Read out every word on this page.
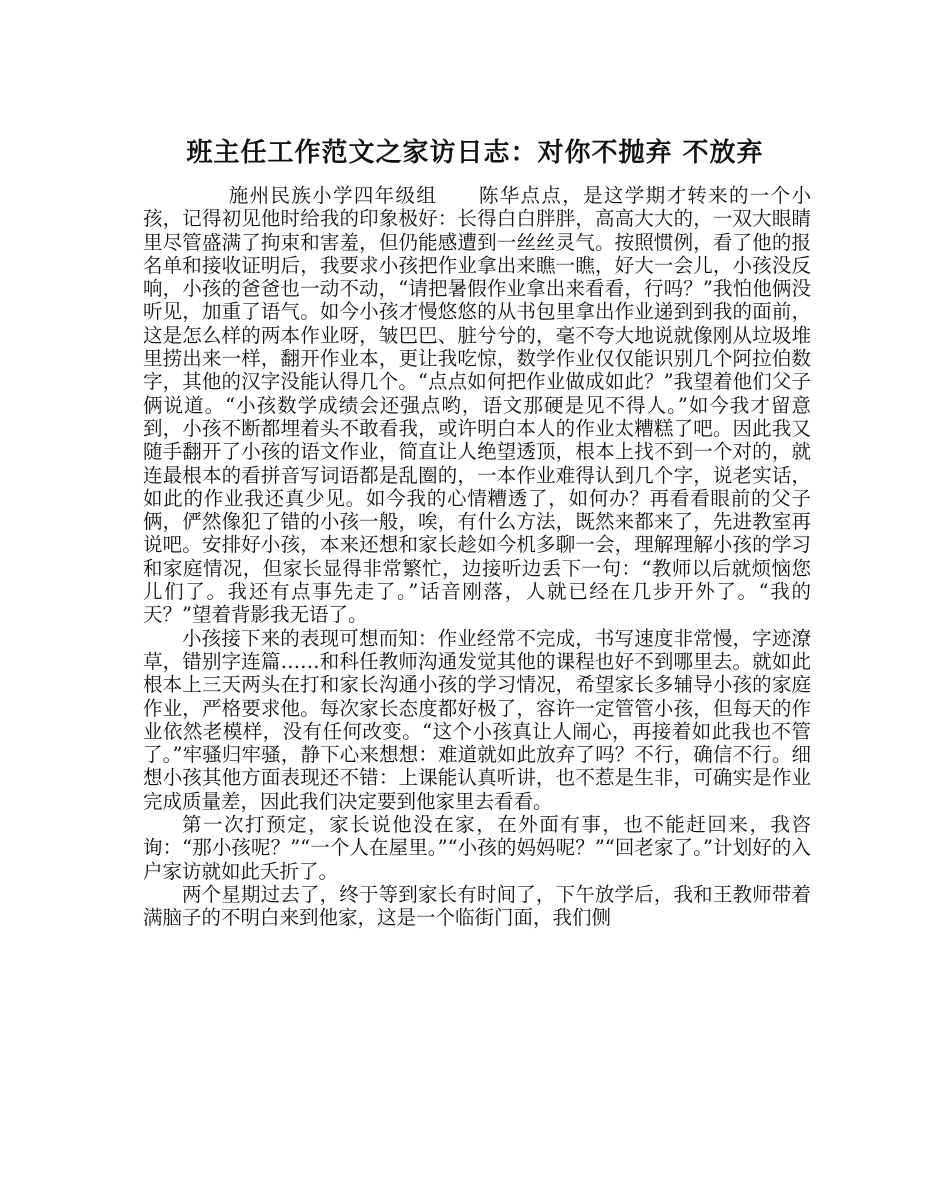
班主任工作范文之家访日志：对你不抛弃 不放弃

施州民族小学四年级组　　陈华点点，是这学期才转来的一个小孩，记得初见他时给我的印象极好：长得白白胖胖，高高大大的，一双大眼睛里尽管盛满了拘束和害羞，但仍能感遭到一丝丝灵气。按照惯例，看了他的报名单和接收证明后，我要求小孩把作业拿出来瞧一瞧，好大一会儿，小孩没反响，小孩的爸爸也一动不动，“请把暑假作业拿出来看看，行吗？”我怕他俩没听见，加重了语气。如今小孩才慢悠悠的从书包里拿出作业递到到我的面前，这是怎么样的两本作业呀，皱巴巴、脏兮兮的，毫不夸大地说就像刚从垃圾堆里捞出来一样，翻开作业本，更让我吃惊，数学作业仅仅能识别几个阿拉伯数字，其他的汉字没能认得几个。“点点如何把作业做成如此？”我望着他们父子俩说道。“小孩数学成绩会还强点哟，语文那硬是见不得人。”如今我才留意到，小孩不断都埋着头不敢看我，或许明白本人的作业太糟糕了吧。因此我又随手翻开了小孩的语文作业，简直让人绝望透顶，根本上找不到一个对的，就连最根本的看拼音写词语都是乱圈的，一本作业难得认到几个字，说老实话，如此的作业我还真少见。如今我的心情糟透了，如何办？再看看眼前的父子俩，俨然像犯了错的小孩一般，唉，有什么方法，既然来都来了，先进教室再说吧。安排好小孩，本来还想和家长趁如今机多聊一会，理解理解小孩的学习和家庭情况，但家长显得非常繁忙，边接听边丢下一句：“教师以后就烦恼您儿们了。我还有点事先走了。”话音刚落，人就已经在几步开外了。“我的天？”望着背影我无语了。

小孩接下来的表现可想而知：作业经常不完成，书写速度非常慢，字迹潦草，错别字连篇……和科任教师沟通发觉其他的课程也好不到哪里去。就如此根本上三天两头在打和家长沟通小孩的学习情况，希望家长多辅导小孩的家庭作业，严格要求他。每次家长态度都好极了，容许一定管管小孩，但每天的作业依然老模样，没有任何改变。“这个小孩真让人闹心，再接着如此我也不管了。”牢骚归牢骚，静下心来想想：难道就如此放弃了吗？不行，确信不行。细想小孩其他方面表现还不错：上课能认真听讲，也不惹是生非，可确实是作业完成质量差，因此我们决定要到他家里去看看。

第一次打预定，家长说他没在家，在外面有事，也不能赶回来，我咨询：“那小孩呢？”“一个人在屋里。”“小孩的妈妈呢？”“回老家了。”计划好的入户家访就如此夭折了。

两个星期过去了，终于等到家长有时间了，下午放学后，我和王教师带着满脑子的不明白来到他家，这是一个临街门面，我们侧
